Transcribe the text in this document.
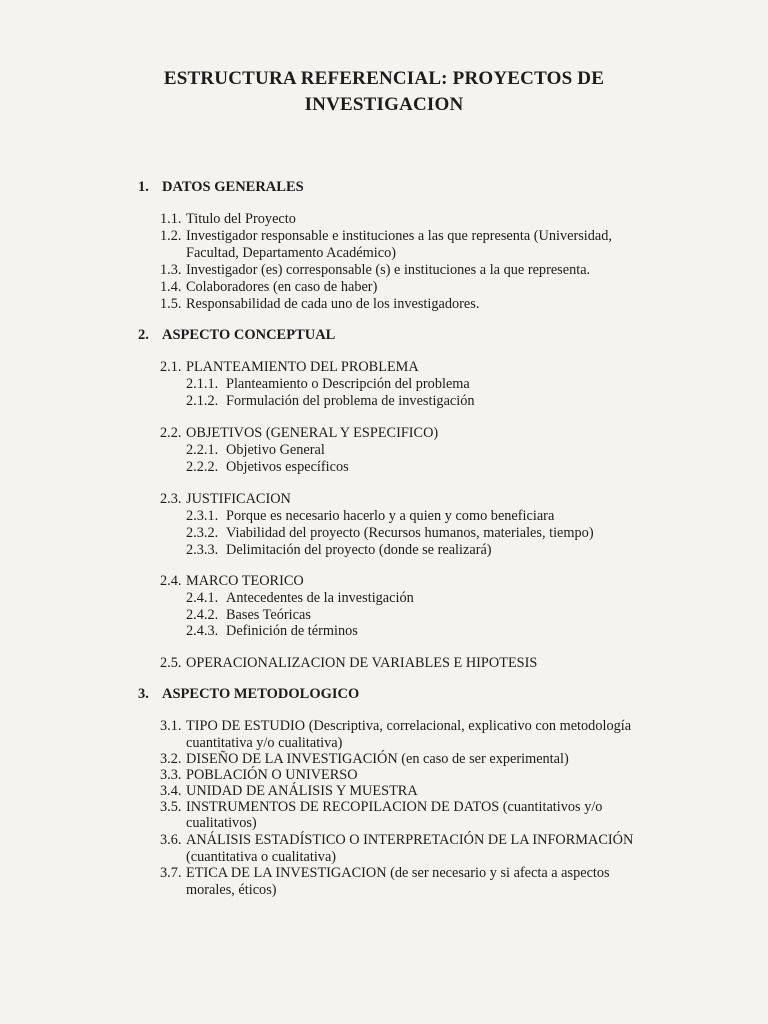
ESTRUCTURA REFERENCIAL: PROYECTOS DE
INVESTIGACION
1. DATOS GENERALES
1.1. Titulo del Proyecto
1.2. Investigador responsable e instituciones a las que representa (Universidad,
Facultad, Departamento Académico)
1.3. Investigador (es) corresponsable (s) e instituciones a la que representa.
1.4. Colaboradores (en caso de haber)
1.5. Responsabilidad de cada uno de los investigadores.
2. ASPECTO CONCEPTUAL
2.1. PLANTEAMIENTO DEL PROBLEMA
2.1.1. Planteamiento o Descripción del problema
2.1.2. Formulación del problema de investigación
2.2. OBJETIVOS (GENERAL Y ESPECIFICO)
2.2.1. Objetivo General
2.2.2. Objetivos específicos
2.3. JUSTIFICACION
2.3.1. Porque es necesario hacerlo y a quien y como beneficiara
2.3.2. Viabilidad del proyecto (Recursos humanos, materiales, tiempo)
2.3.3. Delimitación del proyecto (donde se realizará)
2.4. MARCO TEORICO
2.4.1. Antecedentes de la investigación
2.4.2. Bases Teóricas
2.4.3. Definición de términos
2.5. OPERACIONALIZACION DE VARIABLES E HIPOTESIS
3. ASPECTO METODOLOGICO
3.1. TIPO DE ESTUDIO (Descriptiva, correlacional, explicativo con metodología
cuantitativa y/o cualitativa)
3.2. DISEÑO DE LA INVESTIGACIÓN (en caso de ser experimental)
3.3. POBLACIÓN O UNIVERSO
3.4. UNIDAD DE ANÁLISIS Y MUESTRA
3.5. INSTRUMENTOS DE RECOPILACION DE DATOS (cuantitativos y/o
cualitativos)
3.6. ANÁLISIS ESTADÍSTICO O INTERPRETACIÓN DE LA INFORMACIÓN
(cuantitativa o cualitativa)
3.7. ETICA DE LA INVESTIGACION (de ser necesario y si afecta a aspectos
morales, éticos)
